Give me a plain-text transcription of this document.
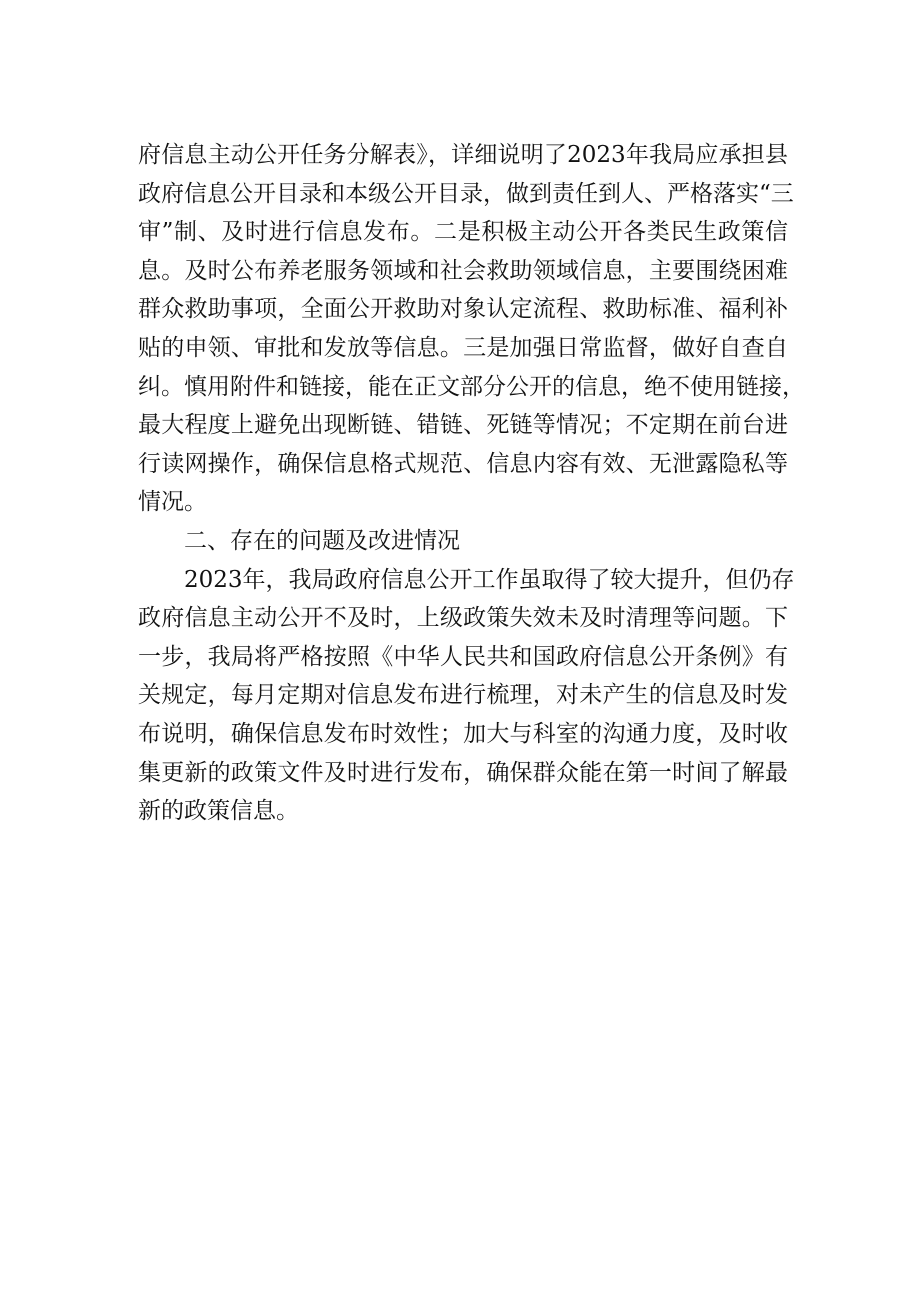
府信息主动公开任务分解表》，详细说明了2023年我局应承担县
政府信息公开目录和本级公开目录，做到责任到人、严格落实“三
审”制、及时进行信息发布。二是积极主动公开各类民生政策信
息。及时公布养老服务领域和社会救助领域信息，主要围绕困难
群众救助事项，全面公开救助对象认定流程、救助标准、福利补
贴的申领、审批和发放等信息。三是加强日常监督，做好自查自
纠。慎用附件和链接，能在正文部分公开的信息，绝不使用链接，
最大程度上避免出现断链、错链、死链等情况；不定期在前台进
行读网操作，确保信息格式规范、信息内容有效、无泄露隐私等
情况。
二、存在的问题及改进情况
2023年，我局政府信息公开工作虽取得了较大提升，但仍存
政府信息主动公开不及时，上级政策失效未及时清理等问题。下
一步，我局将严格按照《中华人民共和国政府信息公开条例》有
关规定，每月定期对信息发布进行梳理，对未产生的信息及时发
布说明，确保信息发布时效性；加大与科室的沟通力度，及时收
集更新的政策文件及时进行发布，确保群众能在第一时间了解最
新的政策信息。
